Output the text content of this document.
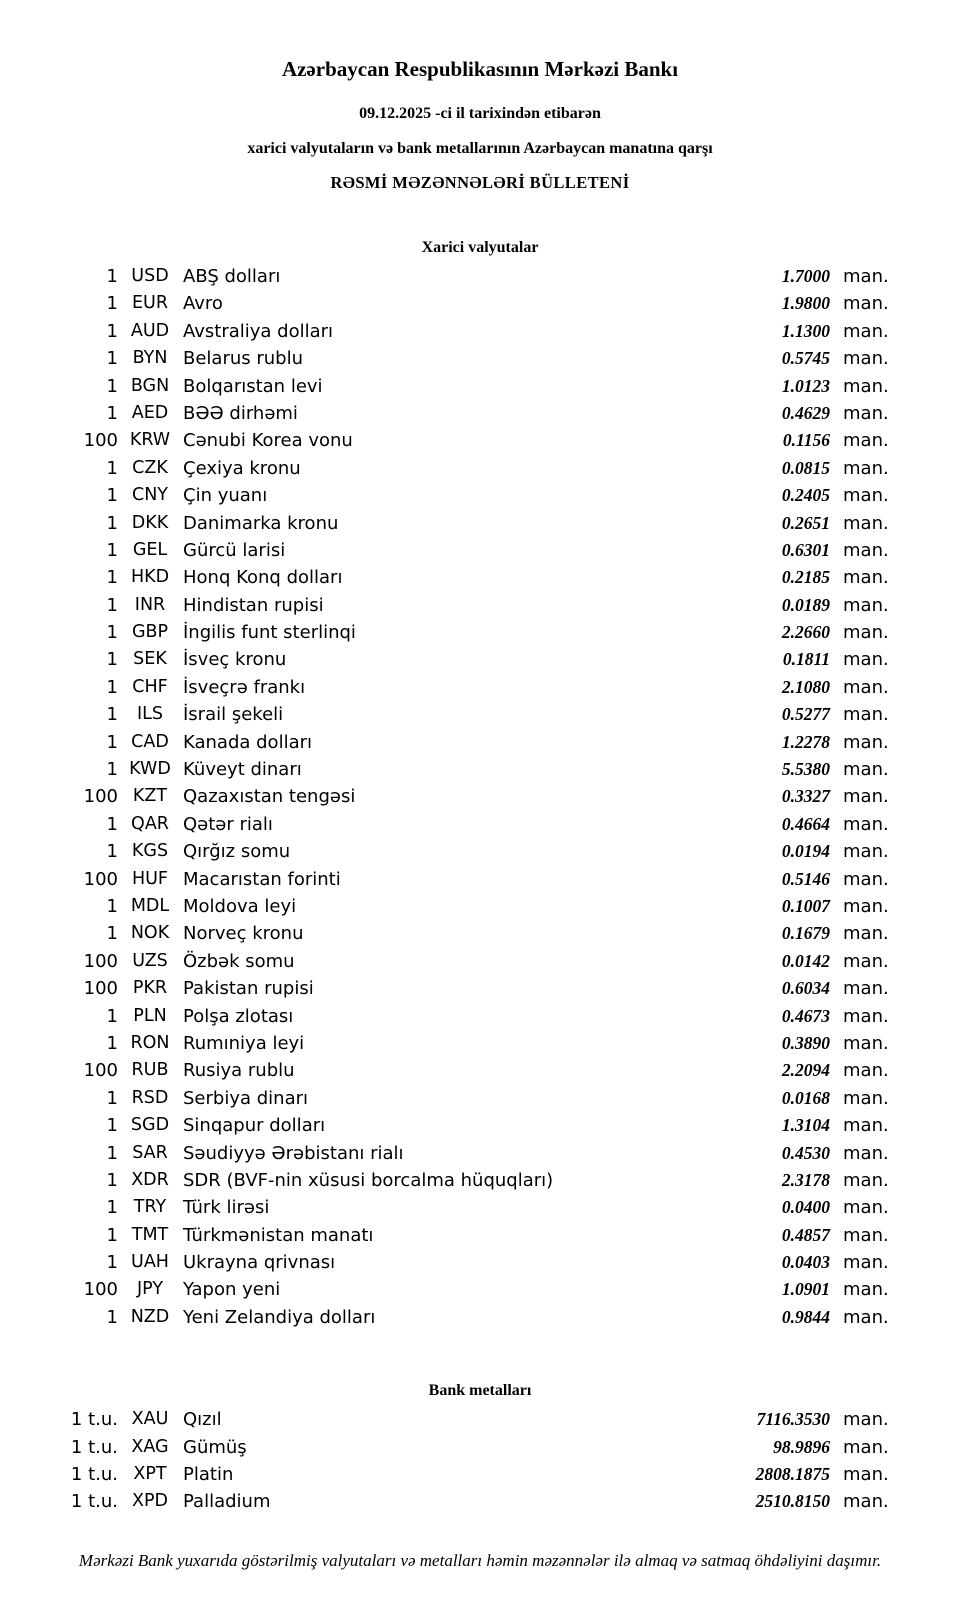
Azərbaycan Respublikasının Mərkəzi Bankı
09.12.2025 -ci il tarixindən etibarən
xarici valyutaların və bank metallarının Azərbaycan manatına qarşı
RƏSMİ MƏZƏNNƏLƏRİ BÜLLETENİ
Xarici valyutalar
1 USD ABŞ dolları	1.7000 man.
1 EUR Avro	1.9800 man.
1 AUD Avstraliya dolları	1.1300 man.
1 BYN Belarus rublu	0.5745 man.
1 BGN Bolqarıstan levi	1.0123 man.
1 AED BƏƏ dirhəmi	0.4629 man.
100 KRW Cənubi Korea vonu	0.1156 man.
1 CZK Çexiya kronu	0.0815 man.
1 CNY Çin yuanı	0.2405 man.
1 DKK Danimarka kronu	0.2651 man.
1 GEL Gürcü larisi	0.6301 man.
1 HKD Honq Konq dolları	0.2185 man.
1 INR Hindistan rupisi	0.0189 man.
1 GBP İngilis funt sterlinqi	2.2660 man.
1 SEK İsveç kronu	0.1811 man.
1 CHF İsveçrə frankı	2.1080 man.
1	ILS	İsrail şekeli	0.5277 man.
1 CAD Kanada dolları	1.2278 man.
1 KWD Küveyt dinarı	5.5380 man.
100 KZT Qazaxıstan tengəsi	0.3327 man.
1 QAR Qətər rialı	0.4664 man.
1 KGS Qırğız somu	0.0194 man.
100 HUF Macarıstan forinti	0.5146 man.
1 MDL Moldova leyi	0.1007 man.
1 NOK Norveç kronu	0.1679 man.
100 UZS Özbək somu	0.0142 man.
100 PKR Pakistan rupisi	0.6034 man.
1 PLN Polşa zlotası	0.4673 man.
1 RON Rumıniya leyi	0.3890 man.
100 RUB Rusiya rublu	2.2094 man.
1 RSD Serbiya dinarı	0.0168 man.
1 SGD Sinqapur dolları	1.3104 man.
1 SAR Səudiyyə Ərəbistanı rialı	0.4530 man.
1 XDR SDR (BVF-nin xüsusi borcalma hüquqları)	2.3178 man.
1 TRY Türk lirəsi	0.0400 man.
1 TMT Türkmənistan manatı	0.4857 man.
1 UAH Ukrayna qrivnası	0.0403 man.
100	JPY	Yapon yeni	1.0901 man.
1 NZD Yeni Zelandiya dolları	0.9844 man.
Bank metalları
1 t.u. XAU Qızıl	7116.3530 man.
1 t.u. XAG Gümüş	98.9896 man.
1 t.u. XPT Platin	2808.1875 man.
1 t.u. XPD Palladium	2510.8150 man.
Mərkəzi Bank yuxarıda göstərilmiş valyutaları və metalları həmin məzənnələr ilə almaq və satmaq öhdəliyini daşımır.
